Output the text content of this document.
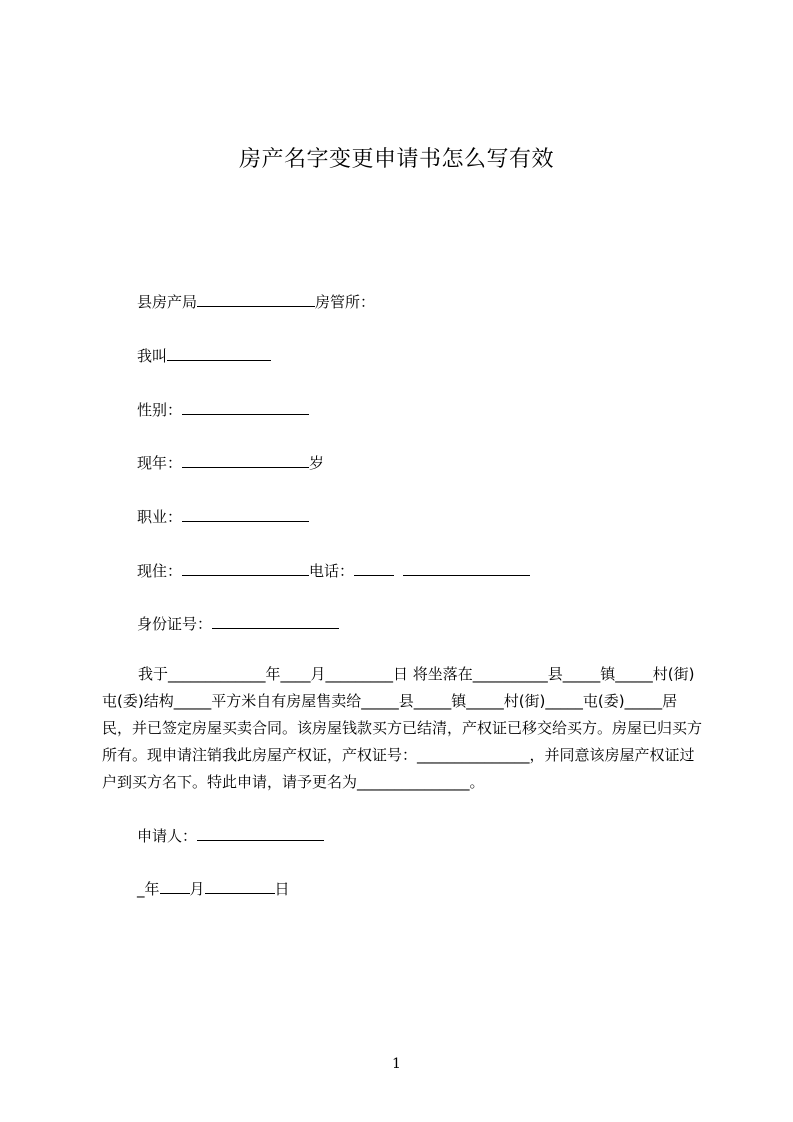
房产名字变更申请书怎么写有效
县房产局	房管所：
我叫
性别：
现年：	岁
职业：
现住：	电话：
身份证号：
我于_____________年____月_________日 将坐落在__________县_____镇_____村(街)屯(委)结构_____平方米自有房屋售卖给_____县_____镇_____村(街)_____屯(委)_____居民，并已签定房屋买卖合同。该房屋钱款买方已结清，产权证已移交给买方。房屋已归买方所有。现申请注销我此房屋产权证，产权证号：_______________，并同意该房屋产权证过户到买方名下。特此申请，请予更名为_______________。
申请人：
_年 月	日
1
